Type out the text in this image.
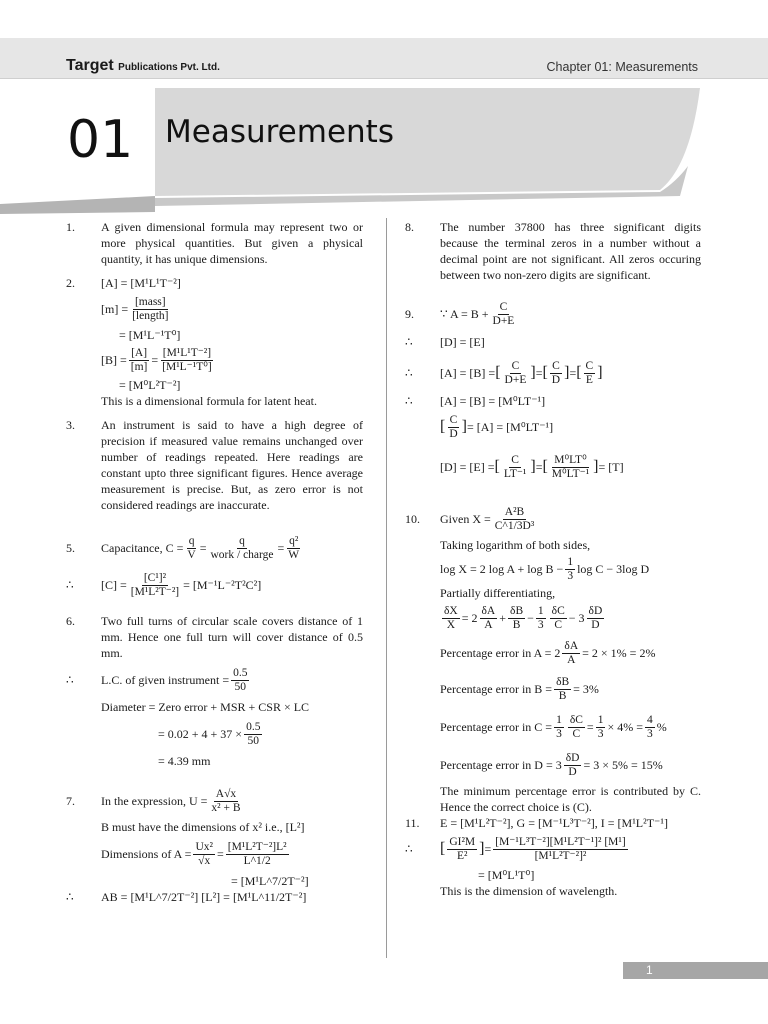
Target Publications Pvt. Ltd.	Chapter 01: Measurements
01 Measurements
1.	A given dimensional formula may represent two or more physical quantities. But given a physical quantity, it has unique dimensions.
2.	[A] = [M¹L¹T⁻²]
[m] =
[mass]
[length]
= [M¹L⁻¹T⁰]
$[B] = \frac{[A]}{[m]} = \frac{\text{[M¹L¹T⁻²]}}{\text{[M¹L⁻¹T⁰]}}$
= [M⁰L²T⁻²]
This is a dimensional formula for latent heat.
3.	An instrument is said to have a high degree of precision if measured value remains unchanged over number of readings repeated. Here readings are constant upto three significant figures. Hence average measurement is precise. But, as zero error is not considered readings are inaccurate.
5.	Capacitance, $C = \frac{q}{V}$ =
q
work / charge = $\frac{\text{q²}}{W}$
∴	$[C] = \frac{\text{[C¹]²}}{\text{[M¹L²T⁻²]}} = [M^{-1}L^{-2}T^2C^2]$
6.	Two full turns of circular scale covers distance of 1 mm. Hence one full turn will cover distance of 0.5 mm.
∴	L.C. of given instrument = $\frac{0.5}{50}$
Diameter = Zero error + MSR + CSR × LC
= $0.02 + 4 + 37 \times \frac{0.5}{50}$
= 4.39 mm
7.	In the expression, $U = \frac{A√x}{\text{x² + B}}$
B must have the dimensions of x² i.e., [L²]
Dimensions of $A = \frac{\text{Ux²}}{√x} = \frac{\text{[M¹L²T⁻²]L²}}{L\^{}1/2}$
= [M¹L^7/2T⁻²]
∴	AB = [M¹L^7/2T⁻²] [L²] = [M¹L^11/2T⁻²]
8.	The number 37800 has three significant digits because the terminal zeros in a number without a decimal point are not significant. All zeros occuring between two non-zero digits are significant.
9.	∵ $A = B + \frac{C}{D+E}$
∴	[D] = [E]
∴	[A] = [B] = [ C
D+E ] = [ C
D ] = [ C
E ]
∴	[A] = [B] = [M⁰LT⁻¹]
[ C
D ] = [A] = [M⁰LT⁻¹]
[D] = [E] = [ C
LT⁻¹ ] = [ M⁰LT⁰
M⁰LT⁻¹ ] = [T]
10.	Given $X = \frac{\text{A²B}}{\text{C\textasciicircum{}1/3D³}}$
Taking logarithm of both sides,
log X = 2 $\log A + \log B - \frac{1}{3}$ log C − 3log D
Partially differentiating,
δX
X = 2
δA
A +
δB
B −
1
3
δC
C − 3
δD
D
Percentage error in $A = 2 \frac{\delta A}{A} = 2 \times 1\% = 2\%$
Percentage error in $B = \frac{\delta B}{B} = 3\%$
Percentage error in $C = \frac{1}{3}$ δC
$C = \frac{1}{3} \times 4\% = \frac{4}{3}$ %
Percentage error in $D = 3 \frac{\delta D}{D} = 3 \times 5\% = 15\%$
The minimum percentage error is contributed by C. Hence the correct choice is (C).
11.	E = [M¹L²T⁻²], G = [M⁻¹L³T⁻²], I = [M¹L²T⁻¹]
∴	[ GI²M
E² ] = $\frac{\text{[M⁻¹L³T⁻²][M¹L²T⁻¹]² [M¹]}}{\text{[M¹L²T⁻²]²}}$
= [M⁰L¹T⁰]
This is the dimension of wavelength.
1
